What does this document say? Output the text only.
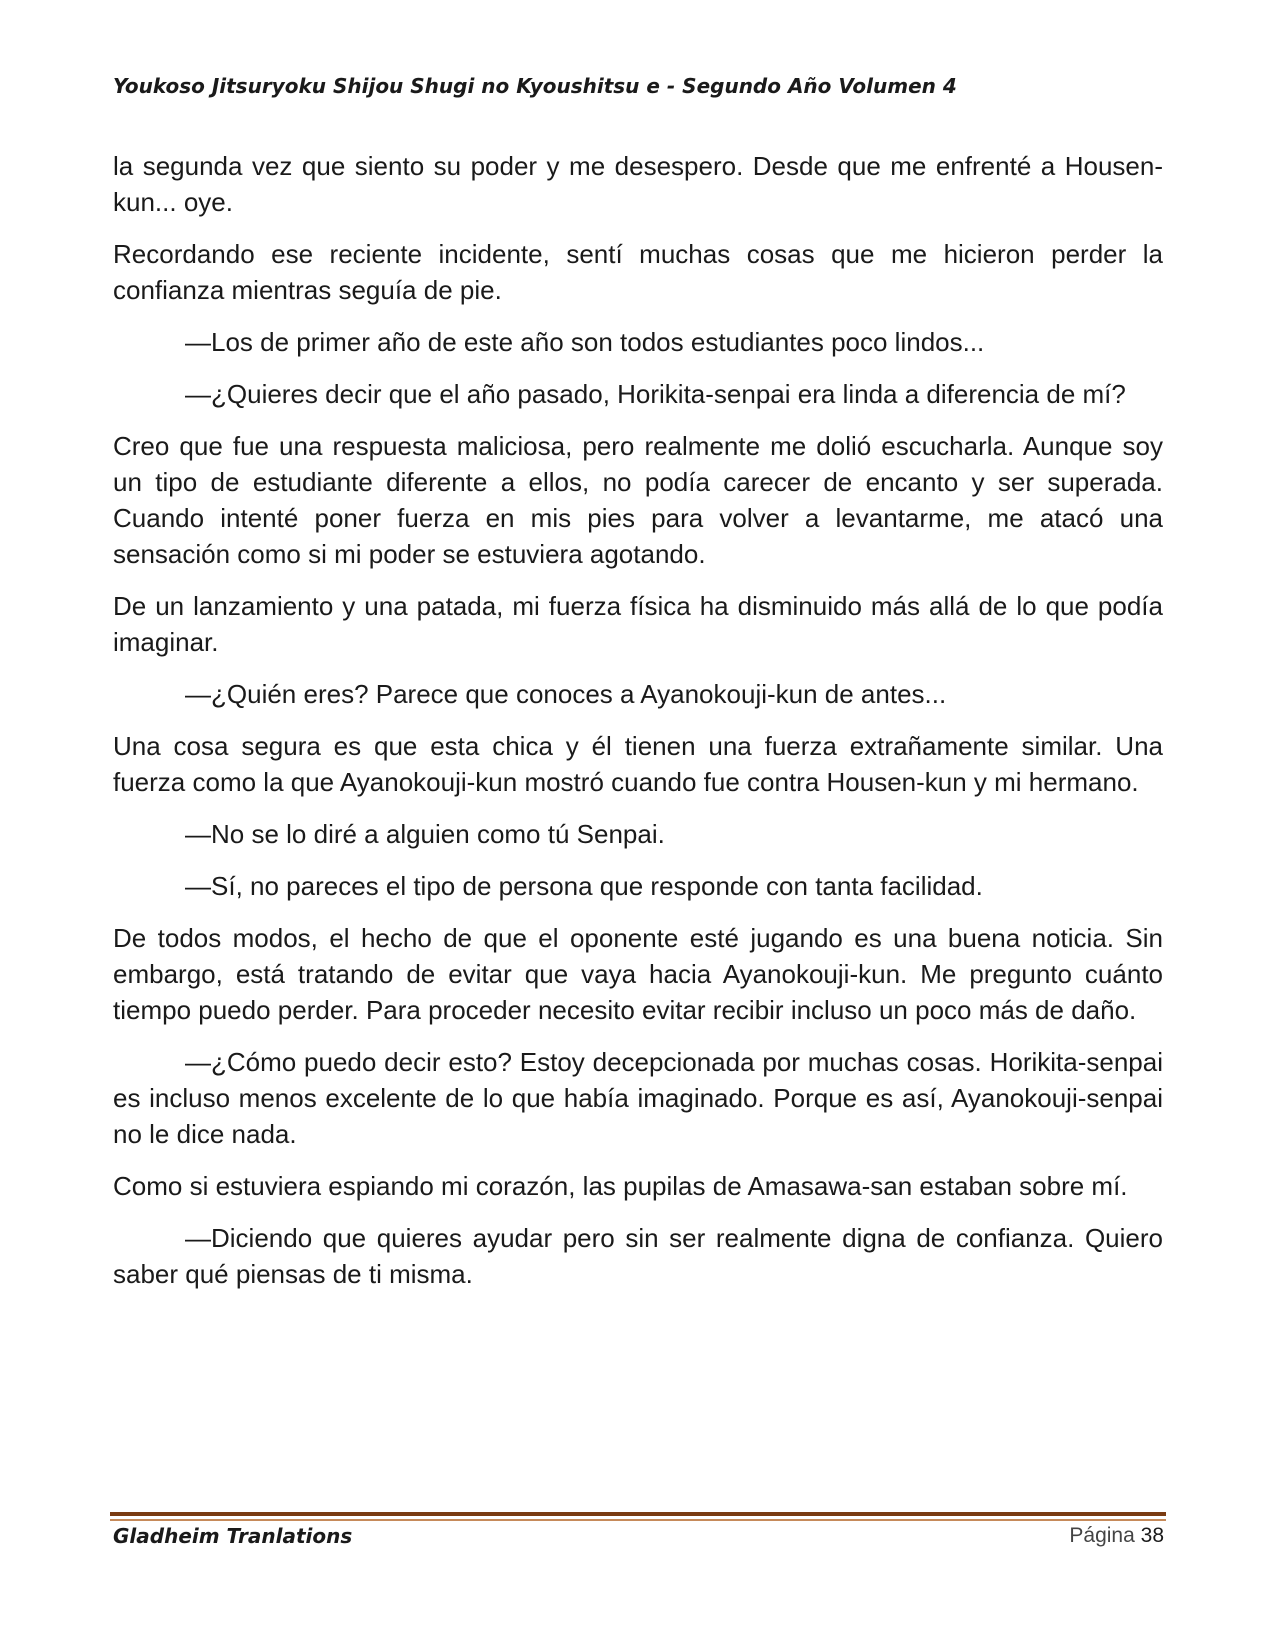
Youkoso Jitsuryoku Shijou Shugi no Kyoushitsu e - Segundo Año Volumen 4

la segunda vez que siento su poder y me desespero. Desde que me enfrenté a Housen-kun... oye.

Recordando ese reciente incidente, sentí muchas cosas que me hicieron perder la confianza mientras seguía de pie.

—Los de primer año de este año son todos estudiantes poco lindos...

—¿Quieres decir que el año pasado, Horikita-senpai era linda a diferencia de mí?

Creo que fue una respuesta maliciosa, pero realmente me dolió escucharla. Aunque soy un tipo de estudiante diferente a ellos, no podía carecer de encanto y ser superada. Cuando intenté poner fuerza en mis pies para volver a levantarme, me atacó una sensación como si mi poder se estuviera agotando.

De un lanzamiento y una patada, mi fuerza física ha disminuido más allá de lo que podía imaginar.

—¿Quién eres? Parece que conoces a Ayanokouji-kun de antes...

Una cosa segura es que esta chica y él tienen una fuerza extrañamente similar. Una fuerza como la que Ayanokouji-kun mostró cuando fue contra Housen-kun y mi hermano.

—No se lo diré a alguien como tú Senpai.

—Sí, no pareces el tipo de persona que responde con tanta facilidad.

De todos modos, el hecho de que el oponente esté jugando es una buena noticia. Sin embargo, está tratando de evitar que vaya hacia Ayanokouji-kun. Me pregunto cuánto tiempo puedo perder. Para proceder necesito evitar recibir incluso un poco más de daño.

—¿Cómo puedo decir esto? Estoy decepcionada por muchas cosas. Horikita-senpai es incluso menos excelente de lo que había imaginado. Porque es así, Ayanokouji-senpai no le dice nada.

Como si estuviera espiando mi corazón, las pupilas de Amasawa-san estaban sobre mí.

—Diciendo que quieres ayudar pero sin ser realmente digna de confianza. Quiero saber qué piensas de ti misma.

Gladheim Tranlations	Página 38
